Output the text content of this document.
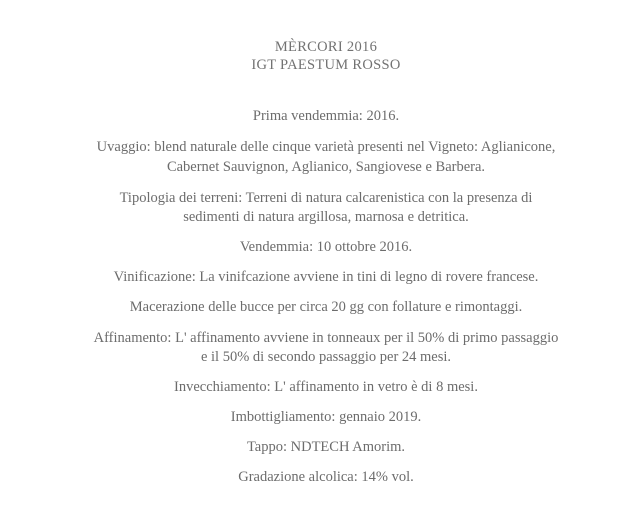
MÈRCORI 2016
IGT PAESTUM ROSSO
Prima vendemmia: 2016.
Uvaggio: blend naturale delle cinque varietà presenti nel Vigneto: Aglianicone,
Cabernet Sauvignon, Aglianico, Sangiovese e Barbera.
Tipologia dei terreni: Terreni di natura calcarenistica con la presenza di
sedimenti di natura argillosa, marnosa e detritica.
Vendemmia: 10 ottobre 2016.
Vinificazione: La vinifcazione avviene in tini di legno di rovere francese.
Macerazione delle bucce per circa 20 gg con follature e rimontaggi.
Affinamento: L' affinamento avviene in tonneaux per il 50% di primo passaggio
e il 50% di secondo passaggio per 24 mesi.
Invecchiamento: L' affinamento in vetro è di 8 mesi.
Imbottigliamento: gennaio 2019.
Tappo: NDTECH Amorim.
Gradazione alcolica: 14% vol.
